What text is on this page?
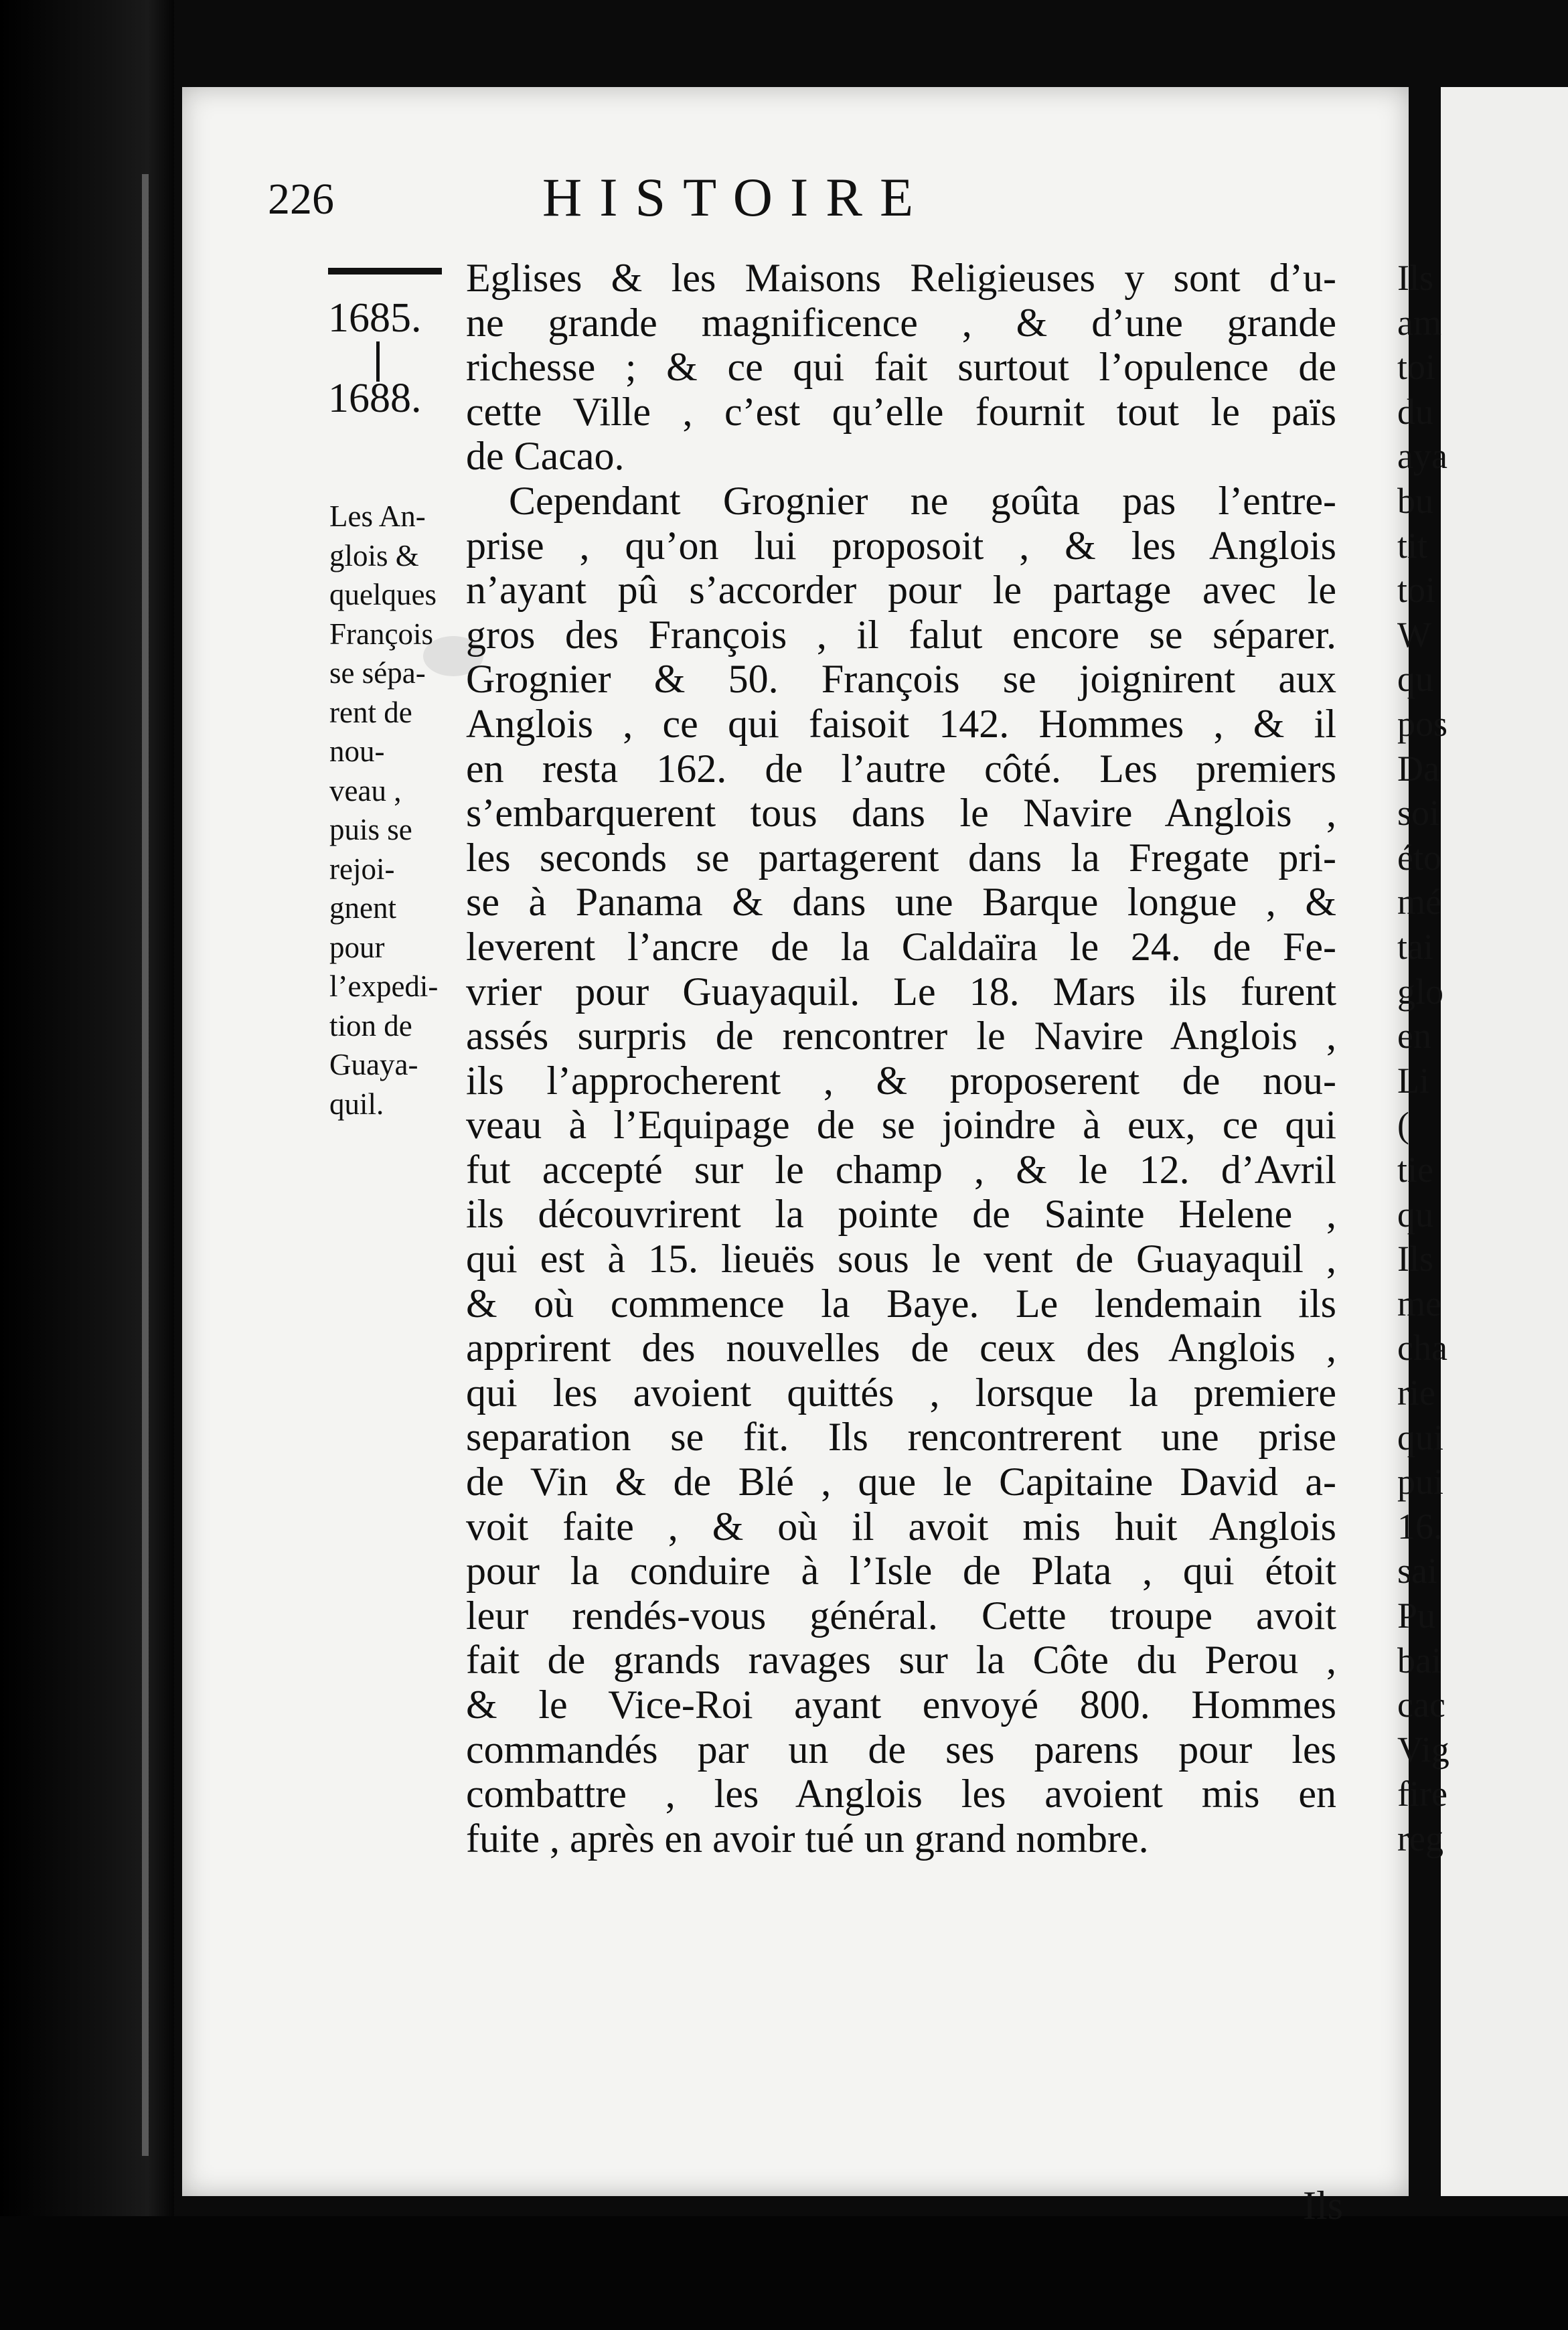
Ils
am
toi
du
aya
bu
tit
toi
W
qu
pos
Da
soi
éto
mé
tai
glo
en
Li
(
tie
qu
Ils
me
cha
rie
qui
pui
16.
sai
Pu
bai
cac
Vig
fire
reg
226	HISTOIRE
1685.
1688.
Les An-
glois &
quelques
François
se sépa-
rent de
nou-
veau ,
puis se
rejoi-
gnent
pour
l’expedi-
tion de
Guaya-
quil.
Eglises & les Maisons Religieuses y sont d’u-
ne grande magnificence , & d’une grande
richesse ; & ce qui fait surtout l’opulence de
cette Ville , c’est qu’elle fournit tout le païs
de Cacao.
Cependant Grognier ne goûta pas l’entre-
prise , qu’on lui proposoit , & les Anglois
n’ayant pû s’accorder pour le partage avec le
gros des François , il falut encore se séparer.
Grognier & 50. François se joignirent aux
Anglois , ce qui faisoit 142. Hommes , & il
en resta 162. de l’autre côté. Les premiers
s’embarquerent tous dans le Navire Anglois ,
les seconds se partagerent dans la Fregate pri-
se à Panama & dans une Barque longue , &
leverent l’ancre de la Caldaïra le 24. de Fe-
vrier pour Guayaquil. Le 18. Mars ils furent
assés surpris de rencontrer le Navire Anglois ,
ils l’approcherent , & proposerent de nou-
veau à l’Equipage de se joindre à eux, ce qui
fut accepté sur le champ , & le 12. d’Avril
ils découvrirent la pointe de Sainte Helene ,
qui est à 15. lieuës sous le vent de Guayaquil ,
& où commence la Baye. Le lendemain ils
apprirent des nouvelles de ceux des Anglois ,
qui les avoient quittés , lorsque la premiere
separation se fit. Ils rencontrerent une prise
de Vin & de Blé , que le Capitaine David a-
voit faite , & où il avoit mis huit Anglois
pour la conduire à l’Isle de Plata , qui étoit
leur rendés-vous général. Cette troupe avoit
fait de grands ravages sur la Côte du Perou ,
& le Vice-Roi ayant envoyé 800. Hommes
commandés par un de ses parens pour les
combattre , les Anglois les avoient mis en
fuite , après en avoir tué un grand nombre.
Ils
